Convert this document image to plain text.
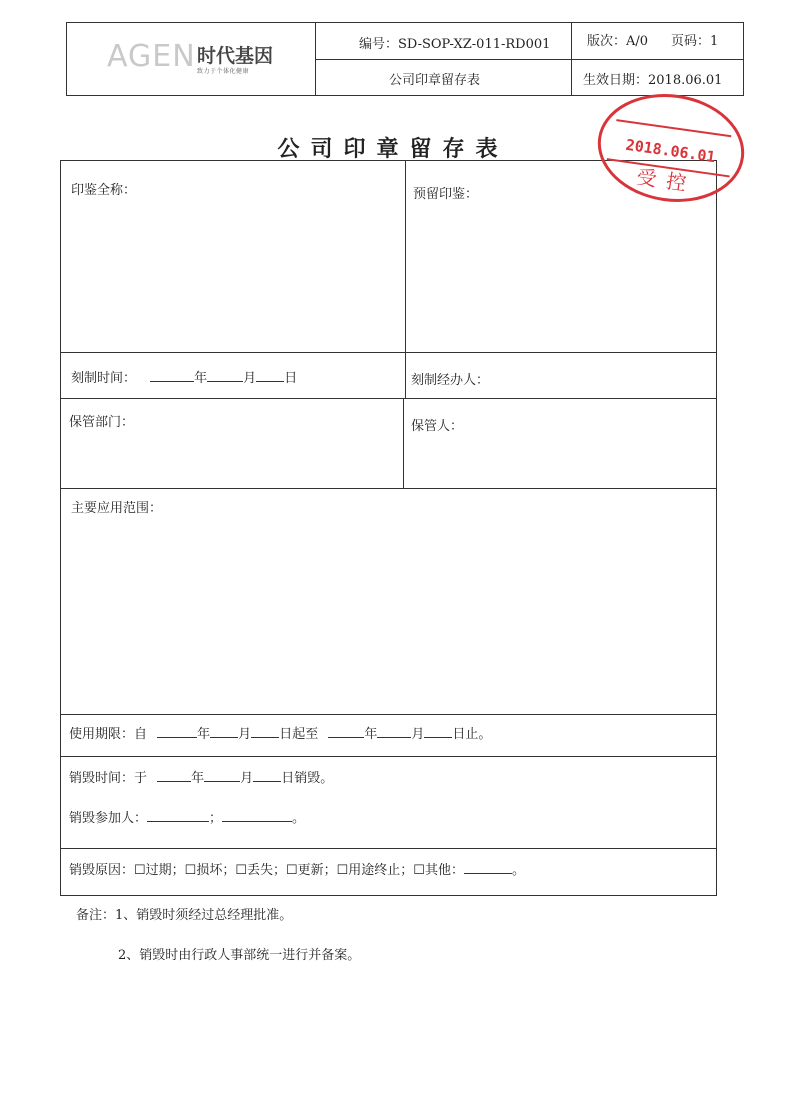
AGEN 时代基因
致力于个体化健康
编号：SD-SOP-XZ-011-RD001	版次：A/0 页码：1
公司印章留存表	生效日期：2018.06.01
公司印章留存表
印鉴全称：	预留印鉴：
刻制时间：	年	月 日	刻制经办人：
保管部门：	保管人：
主要应用范围：
使用期限：自	年 月 日起至	年	月 日止。
销毁时间：于	年	月 日销毁。
销毁参加人：	；	。
销毁原因：☐过期；☐损坏；☐丢失；☐更新；☐用途终止；☐其他：	。
备注：1、销毁时须经过总经理批准。
2、销毁时由行政人事部统一进行并备案。
2018.06.01
受控
